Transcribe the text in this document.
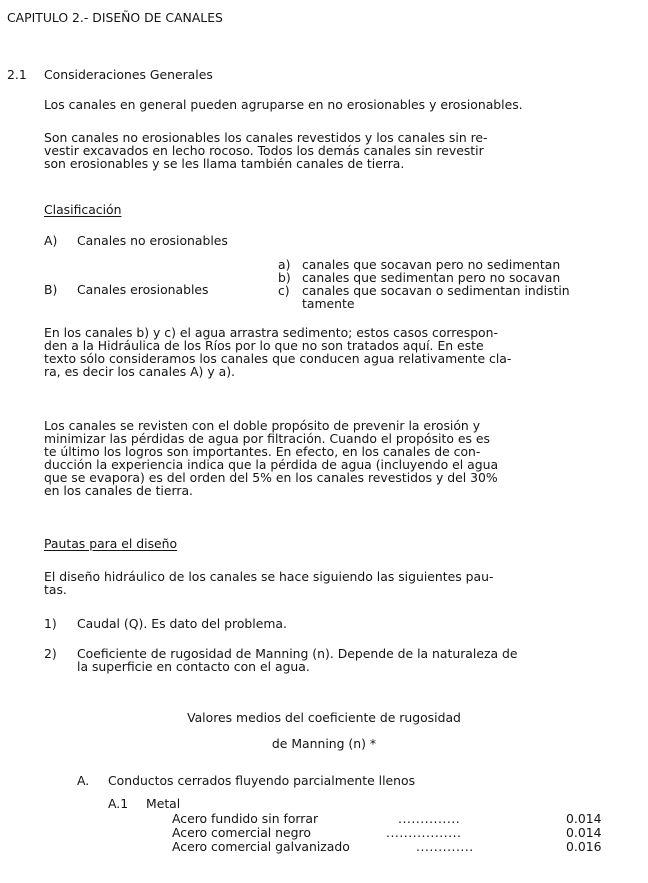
CAPITULO 2.- DISEÑO DE CANALES
2.1 Consideraciones Generales
Los canales en general pueden agruparse en no erosionables y erosionables.
Son canales no erosionables los canales revestidos y los canales sin re-
vestir excavados en lecho rocoso. Todos los demás canales sin revestir
son erosionables y se les llama también canales de tierra.
Clasificación
A) Canales no erosionables
B) Canales erosionables
a) canales que socavan pero no sedimentan
b) canales que sedimentan pero no socavan
c) canales que socavan o sedimentan indistin
tamente
En los canales b) y c) el agua arrastra sedimento; estos casos correspon-
den a la Hidráulica de los Ríos por lo que no son tratados aquí. En este
texto sólo consideramos los canales que conducen agua relativamente cla-
ra, es decir los canales A) y a).
Los canales se revisten con el doble propósito de prevenir la erosión y
minimizar las pérdidas de agua por filtración. Cuando el propósito es es
te último los logros son importantes. En efecto, en los canales de con-
ducción la experiencia indica que la pérdida de agua (incluyendo el agua
que se evapora) es del orden del 5% en los canales revestidos y del 30%
en los canales de tierra.
Pautas para el diseño
El diseño hidráulico de los canales se hace siguiendo las siguientes pau-
tas.
1) Caudal (Q). Es dato del problema.
2) Coeficiente de rugosidad de Manning (n). Depende de la naturaleza de
la superficie en contacto con el agua.
Valores medios del coeficiente de rugosidad
de Manning (n) *
A. Conductos cerrados fluyendo parcialmente llenos
A.1 Metal
Acero fundido sin forrar	..............	0.014
Acero comercial negro	.................	0.014
Acero comercial galvanizado	.............	0.016
